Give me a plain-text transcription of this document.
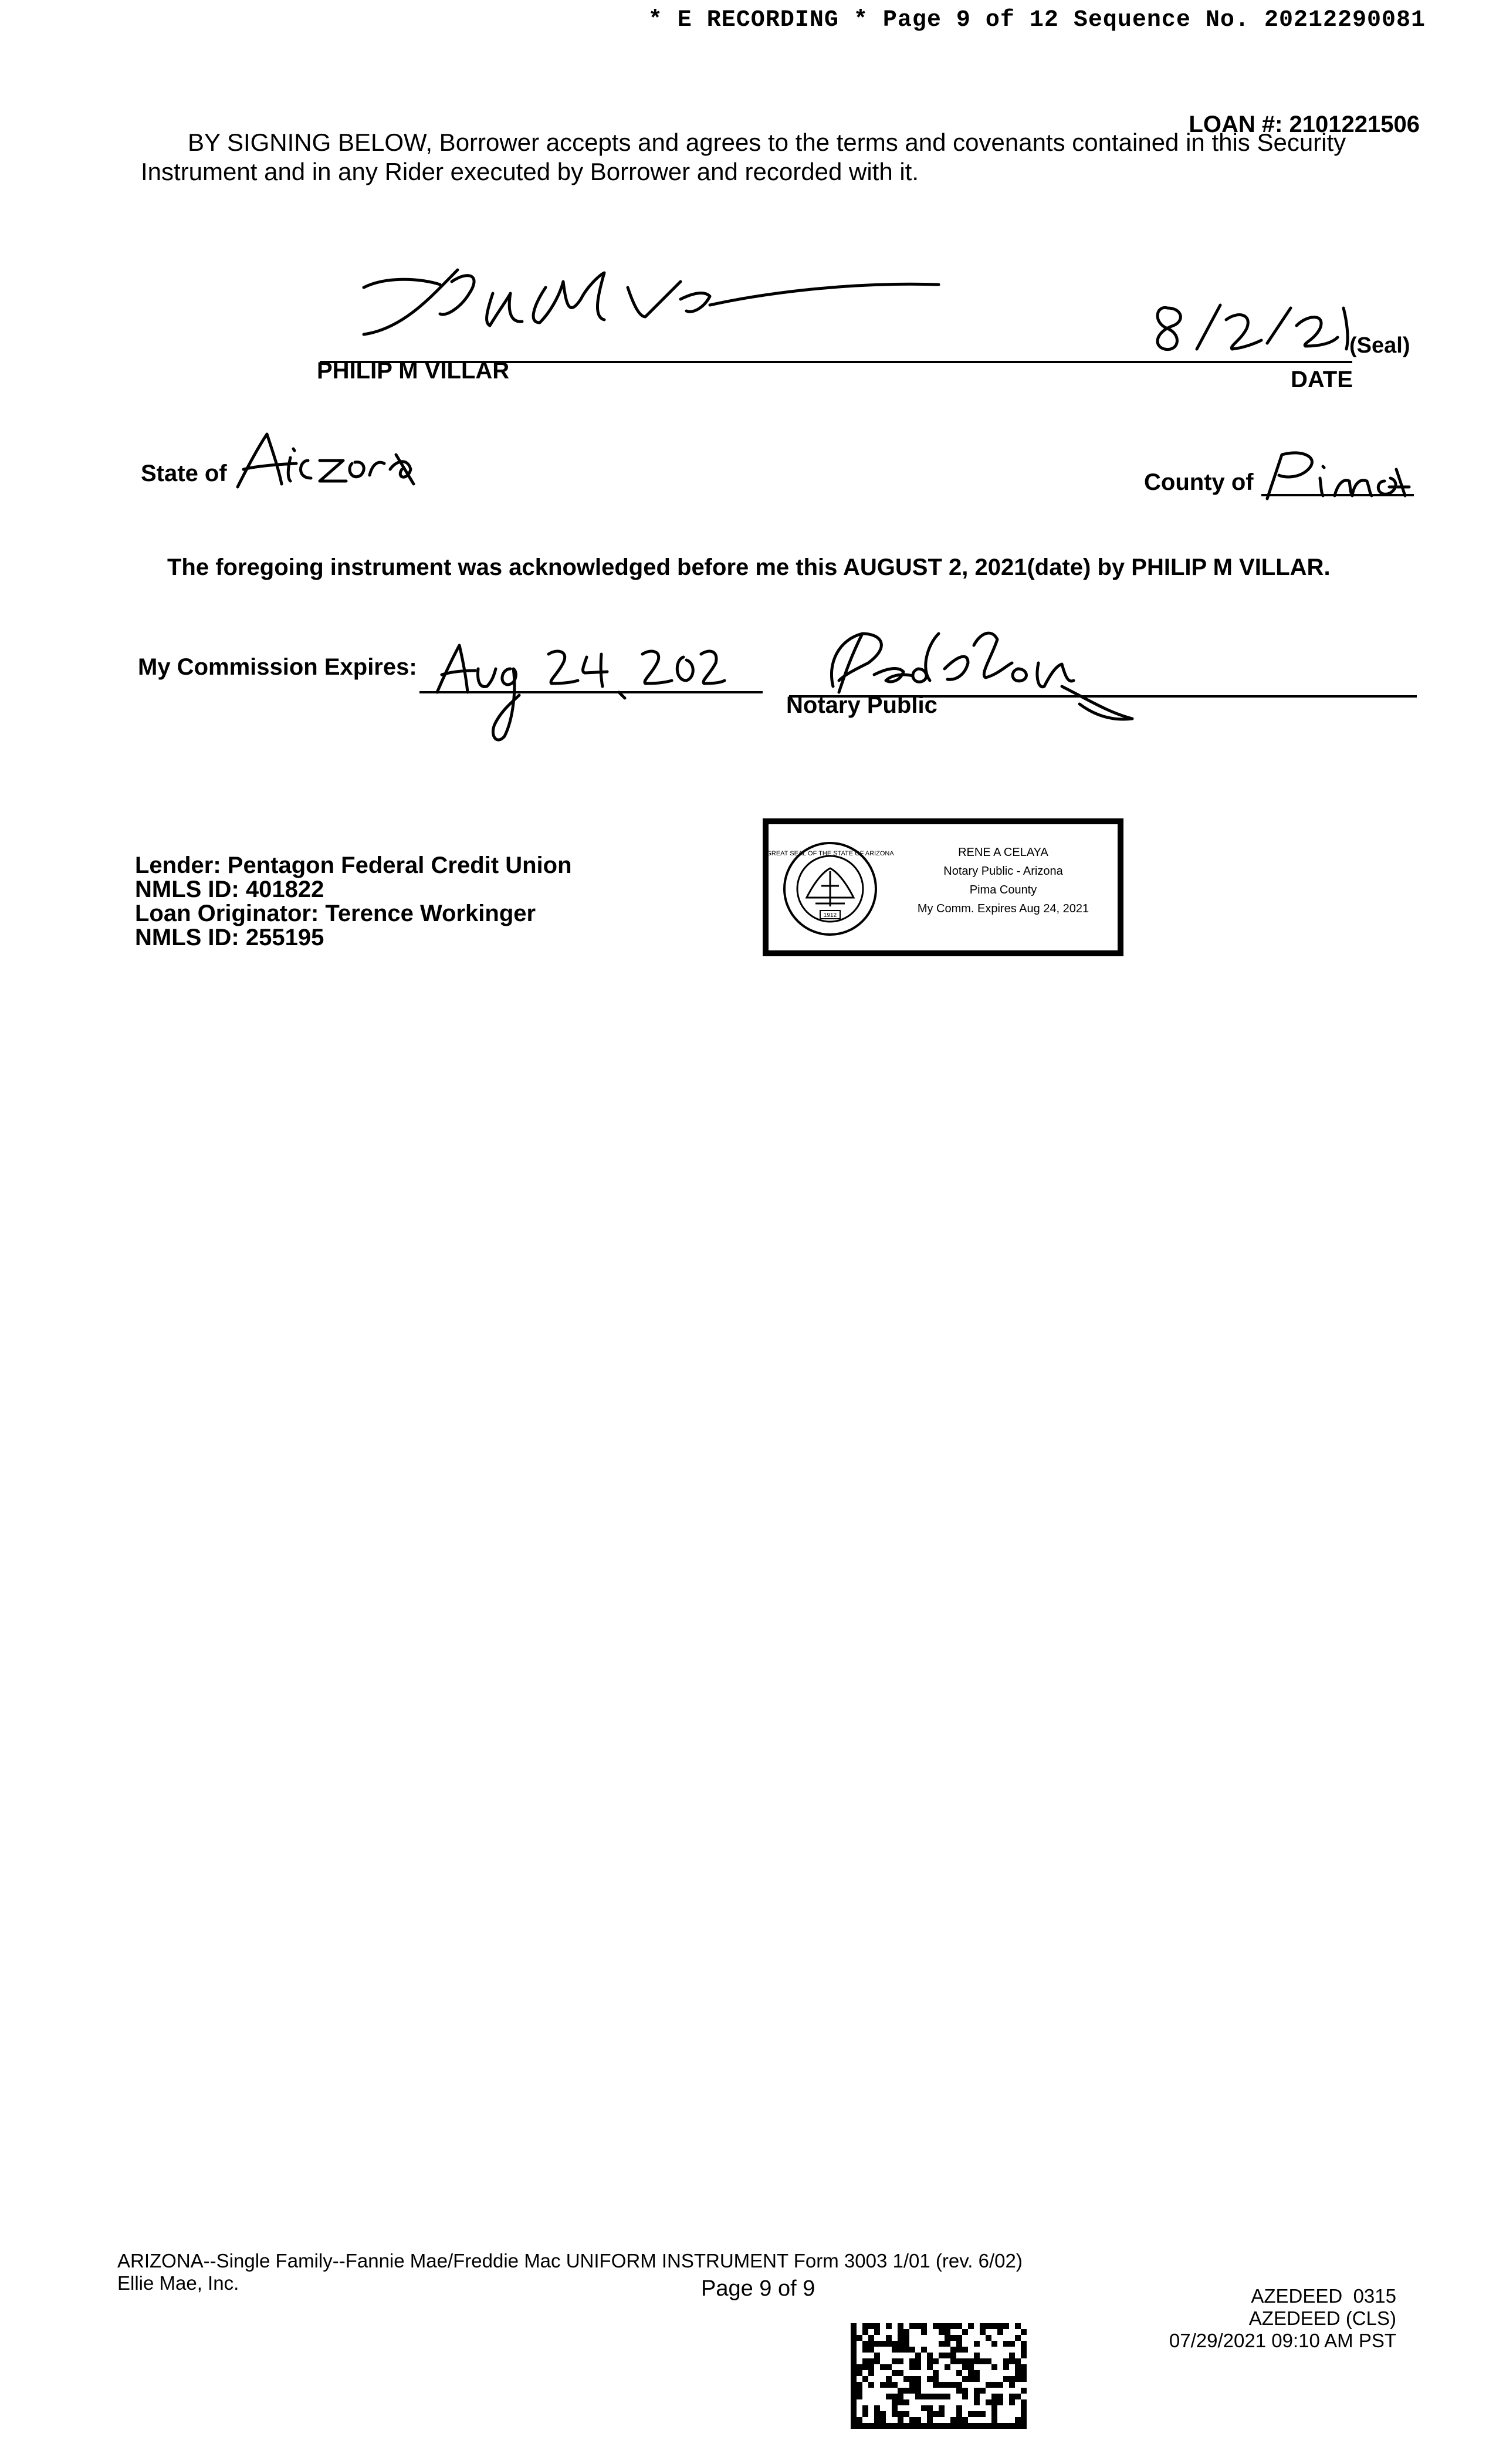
* E RECORDING * Page 9 of 12 Sequence No. 20212290081
LOAN #: 2101221506
BY SIGNING BELOW, Borrower accepts and agrees to the terms and covenants contained in this Security Instrument and in any Rider executed by Borrower and recorded with it.
(Seal)
PHILIP M VILLAR	DATE
State of	County of
The foregoing instrument was acknowledged before me this AUGUST 2, 2021(date) by PHILIP M VILLAR.
My Commission Expires:
Notary Public
Lender: Pentagon Federal Credit Union
NMLS ID: 401822
Loan Originator: Terence Workinger
NMLS ID: 255195
GREAT SEAL OF THE STATE OF ARIZONA
1912
RENE A CELAYA
Notary Public - Arizona
Pima County
My Comm. Expires Aug 24, 2021
ARIZONA--Single Family--Fannie Mae/Freddie Mac UNIFORM INSTRUMENT Form 3003 1/01 (rev. 6/02)
Ellie Mae, Inc.	Page 9 of 9	AZEDEED  0315
AZEDEED (CLS)
07/29/2021 09:10 AM PST
